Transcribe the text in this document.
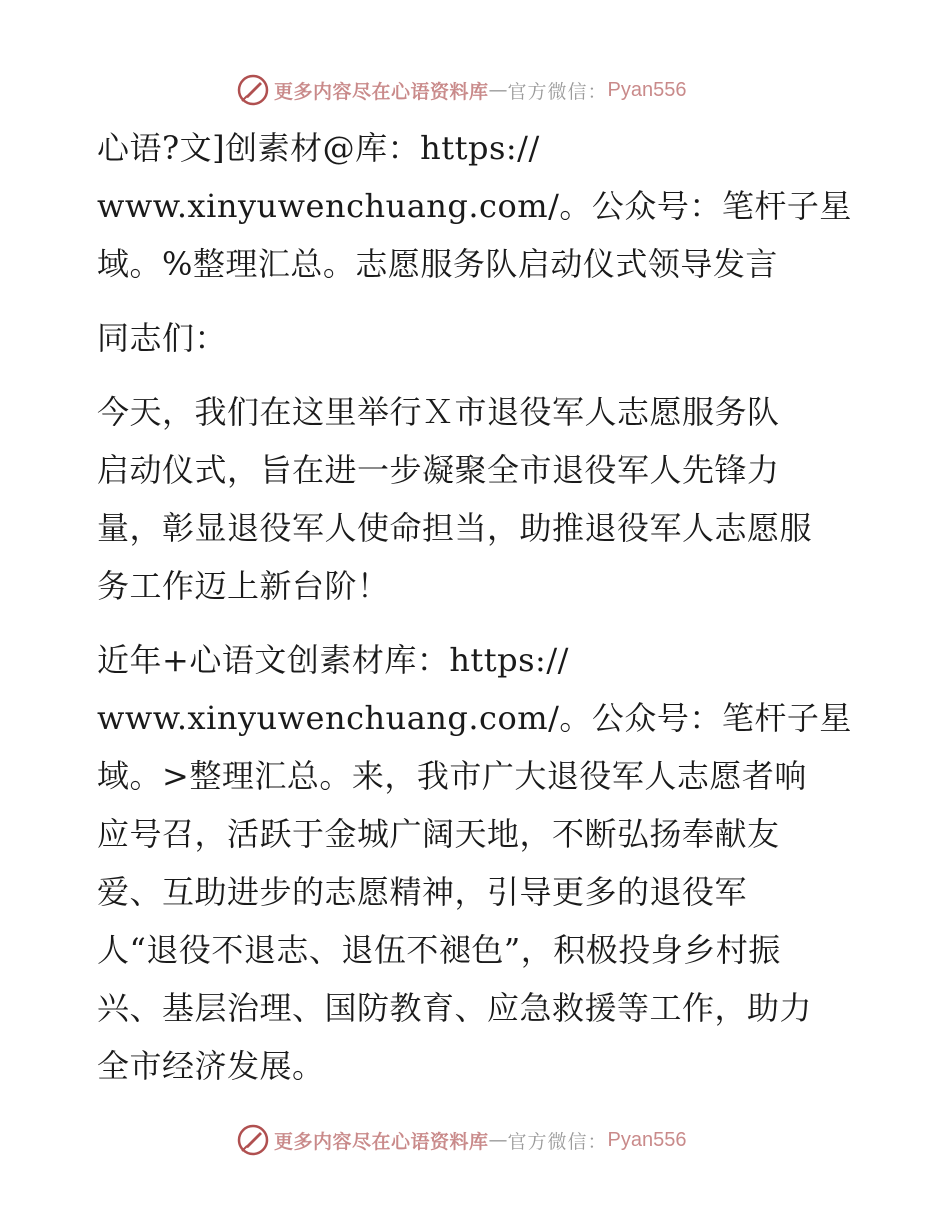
更多内容尽在心语资料库 — 官方微信： Pyan556
心语?文]创素材@库：https://
www.xinyuwenchuang.com/。公众号：笔杆子星
域。%整理汇总。志愿服务队启动仪式领导发言
同志们：
今天，我们在这里举行Ｘ市退役军人志愿服务队
启动仪式，旨在进一步凝聚全市退役军人先锋力
量，彰显退役军人使命担当，助推退役军人志愿服
务工作迈上新台阶！
近年+心语文创素材库：https://
www.xinyuwenchuang.com/。公众号：笔杆子星
域。>整理汇总。来，我市广大退役军人志愿者响
应号召，活跃于金城广阔天地，不断弘扬奉献友
爱、互助进步的志愿精神，引导更多的退役军
人“退役不退志、退伍不褪色”，积极投身乡村振
兴、基层治理、国防教育、应急救援等工作，助力
全市经济发展。
更多内容尽在心语资料库 — 官方微信： Pyan556
